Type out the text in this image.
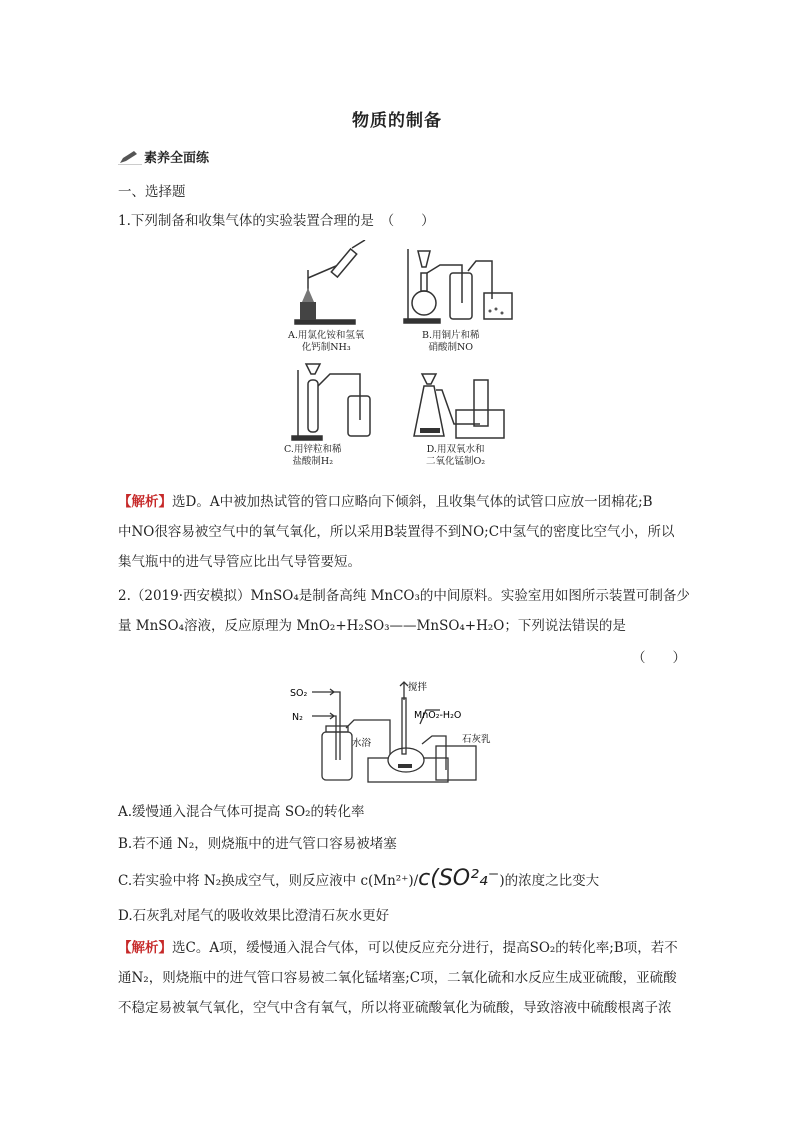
物质的制备
素养全面练
一、选择题
1.下列制备和收集气体的实验装置合理的是　（　　）
A.用氯化铵和氢氧
化钙制NH₃
B.用铜片和稀
硝酸制NO
C.用锌粒和稀
盐酸制H₂
D.用双氧水和
二氧化锰制O₂
【解析】选D。A中被加热试管的管口应略向下倾斜，且收集气体的试管口应放一团棉花;B
中NO很容易被空气中的氧气氧化，所以采用B装置得不到NO;C中氢气的密度比空气小，所以
集气瓶中的进气导管应比出气导管要短。
2.（2019·西安模拟）MnSO₄是制备高纯 MnCO₃的中间原料。实验室用如图所示装置可制备少
量 MnSO₄溶液，反应原理为 MnO₂+H₂SO₃——MnSO₄+H₂O；下列说法错误的是
（　　）
SO₂
N₂
搅拌
MnO₂-H₂O
水浴	石灰乳
A.缓慢通入混合气体可提高 SO₂的转化率
B.若不通 N₂，则烧瓶中的进气管口容易被堵塞
C.若实验中将 N₂换成空气，则反应液中 c(Mn²⁺)/c(SO²₄⁻)的浓度之比变大
D.石灰乳对尾气的吸收效果比澄清石灰水更好
【解析】选C。A项，缓慢通入混合气体，可以使反应充分进行，提高SO₂的转化率;B项，若不
通N₂，则烧瓶中的进气管口容易被二氧化锰堵塞;C项，二氧化硫和水反应生成亚硫酸，亚硫酸
不稳定易被氧气氧化，空气中含有氧气，所以将亚硫酸氧化为硫酸，导致溶液中硫酸根离子浓
